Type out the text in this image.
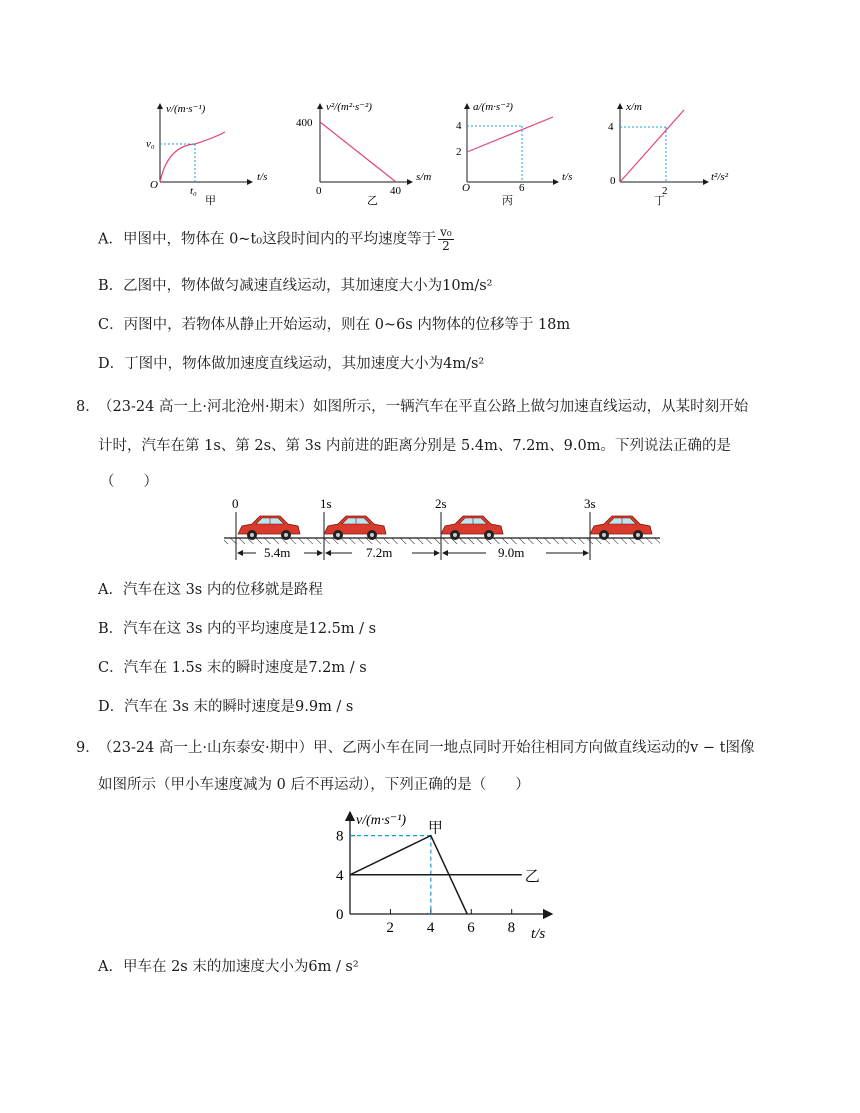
v/(m·s⁻¹)
t/s
O
v₀
t₀
甲
v²/(m²·s⁻²)
s/m
0
400
40
乙
a/(m·s⁻²)
t/s
O
4
2
6
丙
x/m
t²/s²
0
4
2
丁
A．甲图中，物体在 0~t₀这段时间内的平均速度等于 $\frac{\text{v₀}}{2}$
B．乙图中，物体做匀减速直线运动，其加速度大小为10m/s²
C．丙图中，若物体从静止开始运动，则在 0~6s 内物体的位移等于 18m
D．丁图中，物体做加速度直线运动，其加速度大小为4m/s²
8．
（23-24 高一上·河北沧州·期末）如图所示，一辆汽车在平直公路上做匀加速直线运动，从某时刻开始
计时，汽车在第 1s、第 2s、第 3s 内前进的距离分别是 5.4m、7.2m、9.0m。下列说法正确的是
（　　）
0	1s	2s	3s
5.4m	7.2m	9.0m
A．汽车在这 3s 内的位移就是路程
B．汽车在这 3s 内的平均速度是12.5m / s
C．汽车在 1.5s 末的瞬时速度是7.2m / s
D．汽车在 3s 末的瞬时速度是9.9m / s
9．
（23-24 高一上·山东泰安·期中）甲、乙两小车在同一地点同时开始往相同方向做直线运动的v − t图像
如图所示（甲小车速度减为 0 后不再运动），下列正确的是（　　）
v/(m·s⁻¹)
t/s
2 4 6 8
0
4
8	甲
乙
A．甲车在 2s 末的加速度大小为6m / s²
